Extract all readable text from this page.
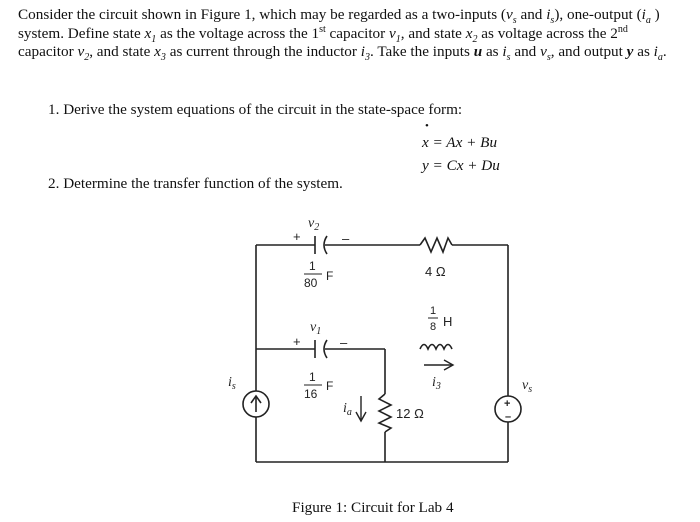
Consider the circuit shown in Figure 1, which may be regarded as a two-inputs ($v_s$ and $i_s$), one-output ($i_a$ ) system. Define state $x_1$ as the voltage across the 1st capacitor $v_1$, and state $x_2$ as voltage across the 2nd capacitor $v_2$, and state $x_3$ as current through the inductor $i_3$. Take the inputs u as $i_s$ and $v_s$, and output y as $i_a$.
1. Derive the system equations of the circuit in the state-space form:
x = Ax + Bu
•
y = Cx + Du
2. Determine the transfer function of the system.
$v_2$
+	–
1
80 F
$v_1$
+	–
1
16
F
4 Ω
1
8 H
$i_3$
12 Ω
$i_a$
$i_s$	$v_s$
+
–
Figure 1: Circuit for Lab 4
